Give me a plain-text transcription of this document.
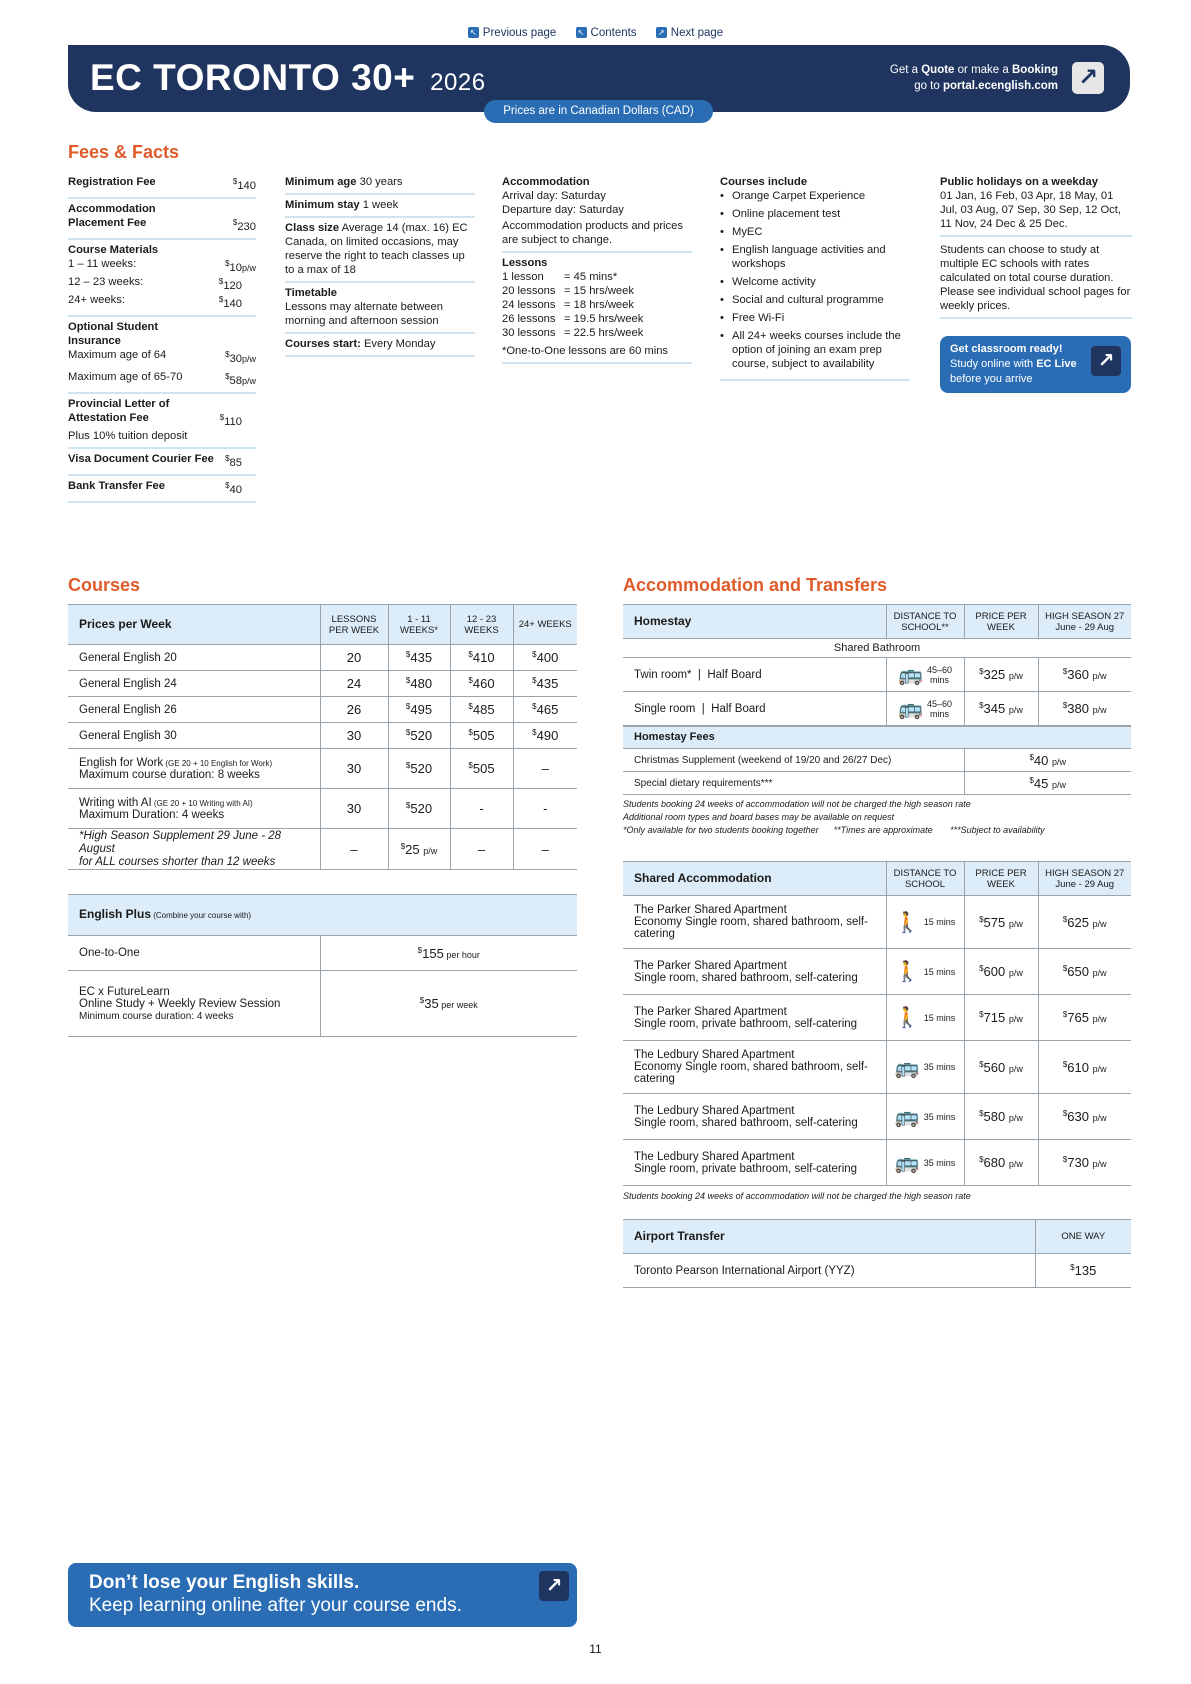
↖ Previous page
	↖ Contents
	↗ Next page
EC TORONTO 30+ 2026	Get a Quote or make a Booking
go to portal.ecenglish.com ↗
Prices are in Canadian Dollars (CAD)
Fees & Facts
Registration Fee	$140
Accommodation
Placement Fee	$230
Course Materials
1 – 11 weeks:	$10p/w
12 – 23 weeks:	$120
24+ weeks:	$140
Optional Student
Insurance
Maximum age of 64	$30p/w
Maximum age of 65-70	$58p/w
Provincial Letter of
Attestation Fee	$110
Plus 10% tuition deposit
Visa Document Courier Fee $85
Bank Transfer Fee	$40
Minimum age 30 years
Minimum stay 1 week
Class size Average 14 (max. 16) EC Canada, on limited occasions, may reserve the right to teach classes up to a max of 18
Timetable
Lessons may alternate between morning and afternoon session
Courses start: Every Monday
Accommodation
Arrival day: Saturday
Departure day: Saturday
Accommodation products and prices are subject to change.
Lessons
1 lesson	= 45 mins*
20 lessons = 15 hrs/week
24 lessons = 18 hrs/week
26 lessons = 19.5 hrs/week
30 lessons = 22.5 hrs/week
*One-to-One lessons are 60 mins
Courses include
• Orange Carpet Experience
• Online placement test
• MyEC
• English language activities and workshops
• Welcome activity
• Social and cultural programme
• Free Wi-Fi
• All 24+ weeks courses include the option of joining an exam prep course, subject to availability
Public holidays on a weekday
01 Jan, 16 Feb, 03 Apr, 18 May, 01 Jul, 03 Aug, 07 Sep, 30 Sep, 12 Oct, 11 Nov, 24 Dec & 25 Dec.
Students can choose to study at multiple EC schools with rates calculated on total course duration. Please see individual school pages for weekly prices.
Get classroom ready!
Study online with EC Live
before you arrive
↗
Courses
Prices per Week	LESSONS PER WEEK	1 - 11 WEEKS*	12 - 23 WEEKS	24+ WEEKS
General English 20	20	$435	$410	$400
General English 24	24	$480	$460	$435
General English 26	26	$495	$485	$465
General English 30	30	$520	$505	$490
English for Work (GE 20 + 10 English for Work)
Maximum course duration: 8 weeks	30	$520	$505	–
Writing with AI (GE 20 + 10 Writing with AI)
Maximum Duration: 4 weeks	30	$520	-	-
*High Season Supplement 29 June - 28 August
for ALL courses shorter than 12 weeks	–	$25 p/w	–	–
English Plus (Combine your course with)	
One-to-One	$155 per hour
EC x FutureLearn
Online Study + Weekly Review Session
Minimum course duration: 4 weeks	$35 per week
Accommodation and Transfers
Homestay	DISTANCE TO SCHOOL**	PRICE PER WEEK	HIGH SEASON 27 June - 29 Aug
Shared Bathroom			
Twin room*  |  Half Board	🚌 45–60
mins	$325 p/w	$360 p/w
Single room  |  Half Board	🚌 45–60
mins	$345 p/w	$380 p/w
Homestay Fees	
Christmas Supplement (weekend of 19/20 and 26/27 Dec)	$40 p/w
Special dietary requirements***	$45 p/w
Students booking 24 weeks of accommodation will not be charged the high season rate
Additional room types and board bases may be available on request
*Only available for two students booking together **Times are approximate ***Subject to availability
Shared Accommodation	DISTANCE TO SCHOOL	PRICE PER WEEK	HIGH SEASON 27 June - 29 Aug
The Parker Shared Apartment
Economy Single room, shared bathroom, self-catering	🚶 15 mins	$575 p/w	$625 p/w
The Parker Shared Apartment
Single room, shared bathroom, self-catering	🚶 15 mins	$600 p/w	$650 p/w
The Parker Shared Apartment
Single room, private bathroom, self-catering	🚶 15 mins	$715 p/w	$765 p/w
The Ledbury Shared Apartment
Economy Single room, shared bathroom, self-catering	🚌 35 mins	$560 p/w	$610 p/w
The Ledbury Shared Apartment
Single room, shared bathroom, self-catering	🚌 35 mins	$580 p/w	$630 p/w
The Ledbury Shared Apartment
Single room, private bathroom, self-catering	🚌 35 mins	$680 p/w	$730 p/w
Students booking 24 weeks of accommodation will not be charged the high season rate
Airport Transfer	ONE WAY
Toronto Pearson International Airport (YYZ)	$135
Don’t lose your English skills.
Keep learning online after your course ends.
↗
11
